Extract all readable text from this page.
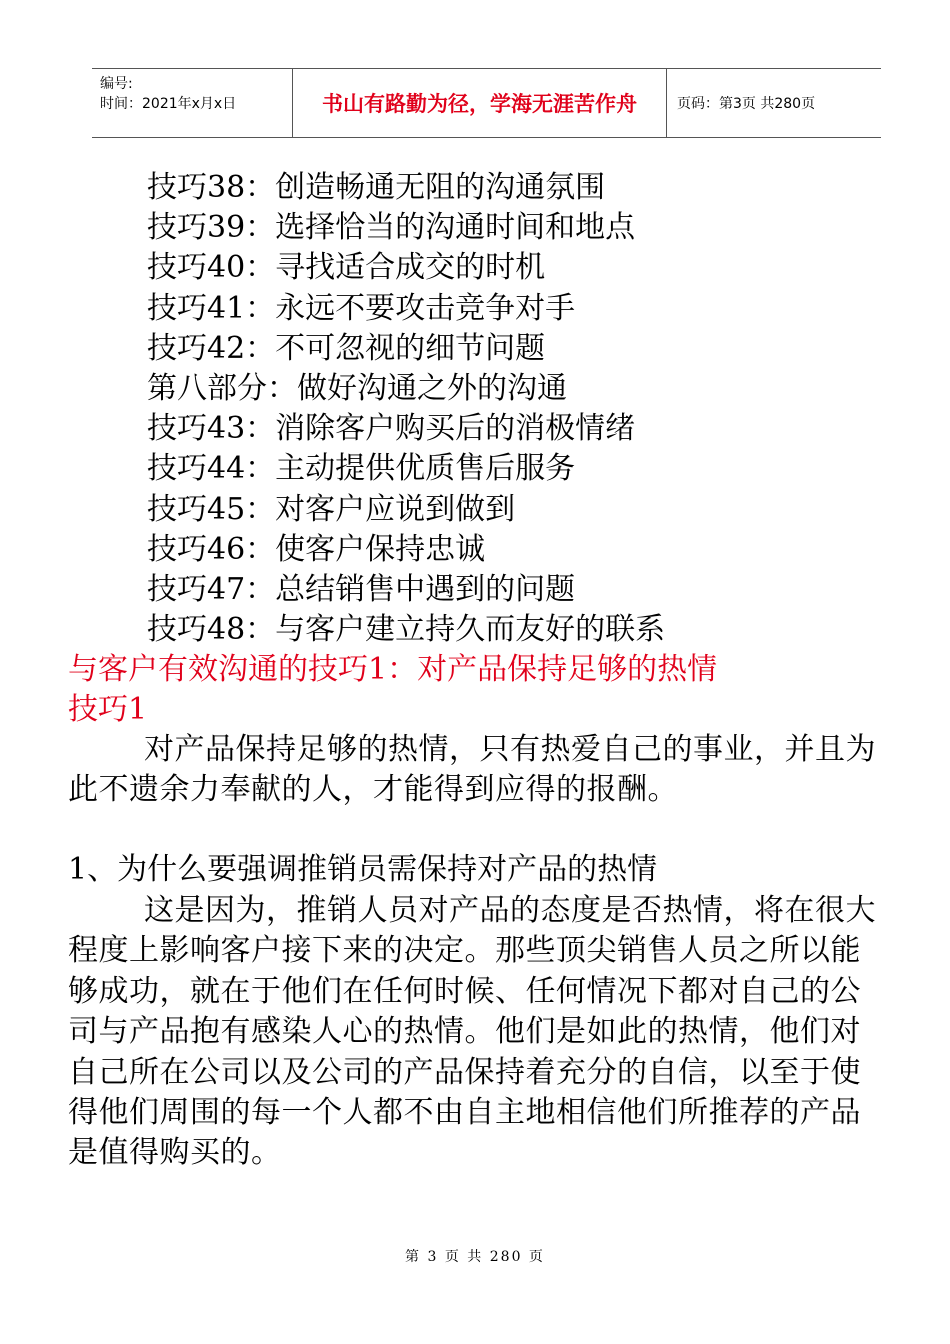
编号:
时间：2021年x月x日	书山有路勤为径，学海无涯苦作舟	页码：第3页 共280页
技巧38：创造畅通无阻的沟通氛围
技巧39：选择恰当的沟通时间和地点
技巧40：寻找适合成交的时机
技巧41：永远不要攻击竞争对手
技巧42：不可忽视的细节问题
第八部分：做好沟通之外的沟通
技巧43：消除客户购买后的消极情绪
技巧44：主动提供优质售后服务
技巧45：对客户应说到做到
技巧46：使客户保持忠诚
技巧47：总结销售中遇到的问题
技巧48：与客户建立持久而友好的联系
与客户有效沟通的技巧1：对产品保持足够的热情
技巧1

对产品保持足够的热情，只有热爱自己的事业，并且为此不遗余力奉献的人，才能得到应得的报酬。

1、为什么要强调推销员需保持对产品的热情

这是因为，推销人员对产品的态度是否热情，将在很大程度上影响客户接下来的决定。那些顶尖销售人员之所以能够成功，就在于他们在任何时候、任何情况下都对自己的公司与产品抱有感染人心的热情。他们是如此的热情，他们对自己所在公司以及公司的产品保持着充分的自信，以至于使得他们周围的每一个人都不由自主地相信他们所推荐的产品是值得购买的。

第 3 页 共 280 页
